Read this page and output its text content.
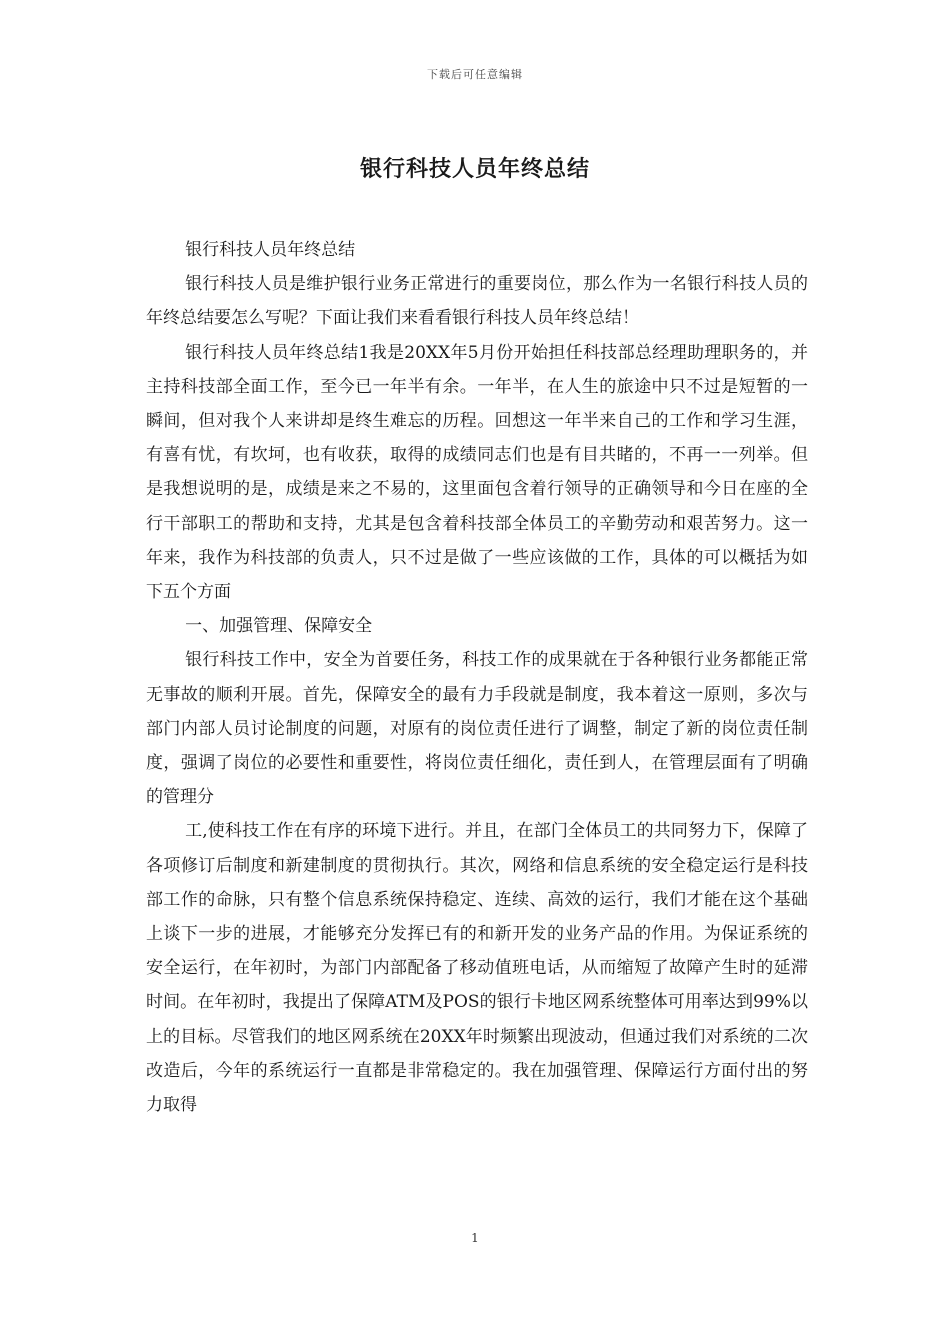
下载后可任意编辑
银行科技人员年终总结

银行科技人员年终总结

银行科技人员是维护银行业务正常进行的重要岗位，那么作为一名银行科技人员的年终总结要怎么写呢？下面让我们来看看银行科技人员年终总结！

银行科技人员年终总结1我是20XX年5月份开始担任科技部总经理助理职务的，并主持科技部全面工作，至今已一年半有余。一年半，在人生的旅途中只不过是短暂的一瞬间，但对我个人来讲却是终生难忘的历程。回想这一年半来自己的工作和学习生涯，有喜有忧，有坎坷，也有收获，取得的成绩同志们也是有目共睹的，不再一一列举。但是我想说明的是，成绩是来之不易的，这里面包含着行领导的正确领导和今日在座的全行干部职工的帮助和支持，尤其是包含着科技部全体员工的辛勤劳动和艰苦努力。这一年来，我作为科技部的负责人，只不过是做了一些应该做的工作，具体的可以概括为如下五个方面

一、加强管理、保障安全

银行科技工作中，安全为首要任务，科技工作的成果就在于各种银行业务都能正常无事故的顺利开展。首先，保障安全的最有力手段就是制度，我本着这一原则，多次与部门内部人员讨论制度的问题，对原有的岗位责任进行了调整，制定了新的岗位责任制度，强调了岗位的必要性和重要性，将岗位责任细化，责任到人，在管理层面有了明确的管理分

工,使科技工作在有序的环境下进行。并且，在部门全体员工的共同努力下，保障了各项修订后制度和新建制度的贯彻执行。其次，网络和信息系统的安全稳定运行是科技部工作的命脉，只有整个信息系统保持稳定、连续、高效的运行，我们才能在这个基础上谈下一步的进展，才能够充分发挥已有的和新开发的业务产品的作用。为保证系统的安全运行，在年初时，为部门内部配备了移动值班电话，从而缩短了故障产生时的延滞时间。在年初时，我提出了保障ATM及POS的银行卡地区网系统整体可用率达到99%以上的目标。尽管我们的地区网系统在20XX年时频繁出现波动，但通过我们对系统的二次改造后，今年的系统运行一直都是非常稳定的。我在加强管理、保障运行方面付出的努力取得

1
